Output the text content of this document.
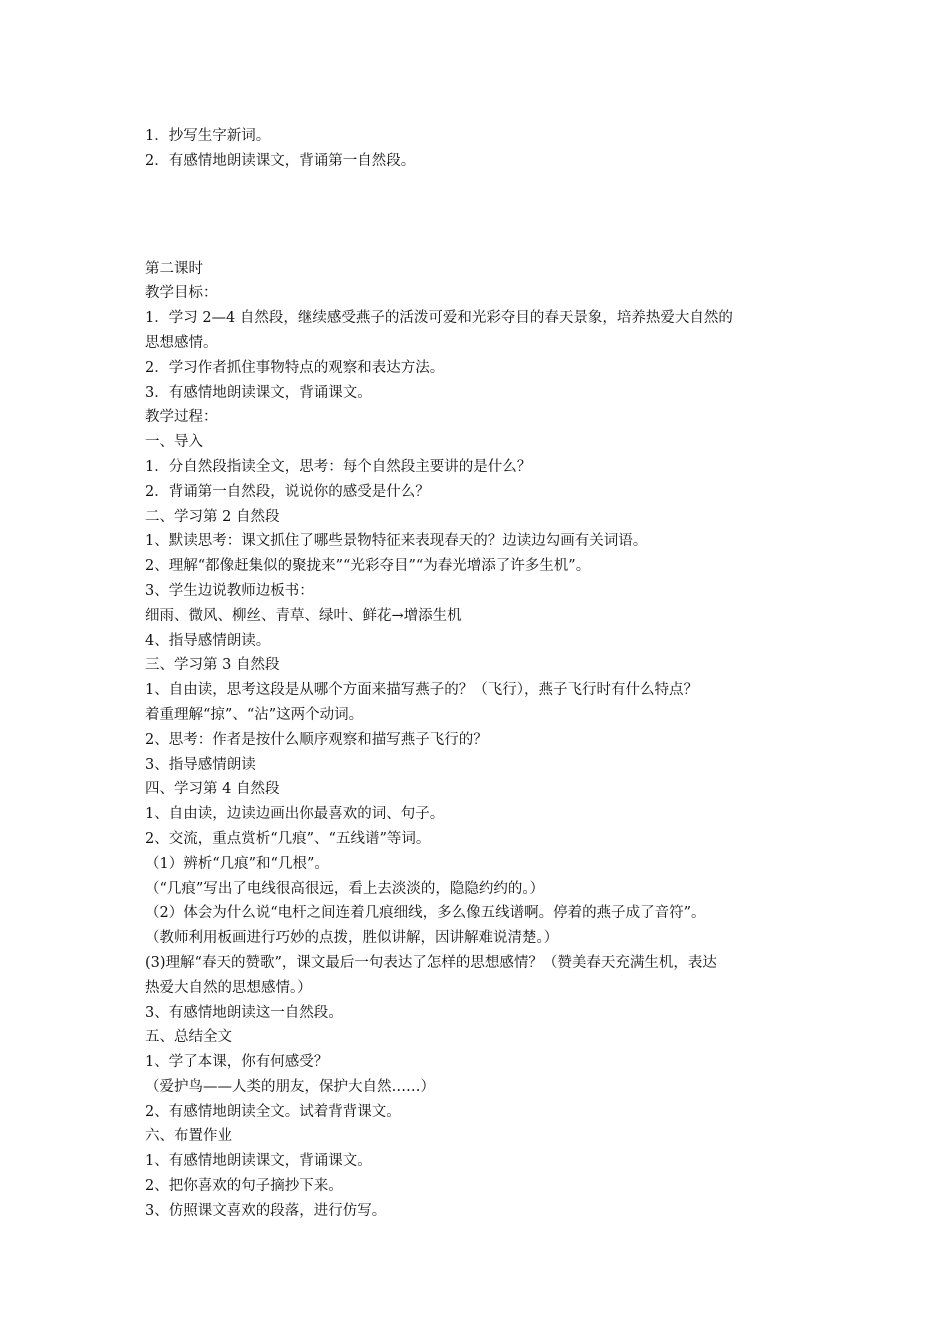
1．抄写生字新词。
2．有感情地朗读课文，背诵第一自然段。
第二课时
教学目标：
1．学习 2—4 自然段，继续感受燕子的活泼可爱和光彩夺目的春天景象，培养热爱大自然的
思想感情。
2．学习作者抓住事物特点的观察和表达方法。
3．有感情地朗读课文，背诵课文。
教学过程：
一、导入
1．分自然段指读全文，思考：每个自然段主要讲的是什么？
2．背诵第一自然段，说说你的感受是什么？
二、学习第 2 自然段
1、默读思考：课文抓住了哪些景物特征来表现春天的？边读边勾画有关词语。
2、理解“都像赶集似的聚拢来”“光彩夺目”“为春光增添了许多生机”。
3、学生边说教师边板书：
细雨、微风、柳丝、青草、绿叶、鲜花→增添生机
4、指导感情朗读。
三、学习第 3 自然段
1、自由读，思考这段是从哪个方面来描写燕子的？（飞行），燕子飞行时有什么特点？
着重理解“掠”、“沾”这两个动词。
2、思考：作者是按什么顺序观察和描写燕子飞行的？
3、指导感情朗读
四、学习第 4 自然段
1、自由读，边读边画出你最喜欢的词、句子。
2、交流，重点赏析“几痕”、“五线谱”等词。
（1）辨析“几痕”和“几根”。
（“几痕”写出了电线很高很远，看上去淡淡的，隐隐约约的。）
（2）体会为什么说“电杆之间连着几痕细线，多么像五线谱啊。停着的燕子成了音符”。
（教师利用板画进行巧妙的点拨，胜似讲解，因讲解难说清楚。）
(3)理解“春天的赞歌”，课文最后一句表达了怎样的思想感情？（赞美春天充满生机，表达
热爱大自然的思想感情。）
3、有感情地朗读这一自然段。
五、总结全文
1、学了本课，你有何感受？
（爱护鸟——人类的朋友，保护大自然……）
2、有感情地朗读全文。试着背背课文。
六、布置作业
1、有感情地朗读课文，背诵课文。
2、把你喜欢的句子摘抄下来。
3、仿照课文喜欢的段落，进行仿写。
